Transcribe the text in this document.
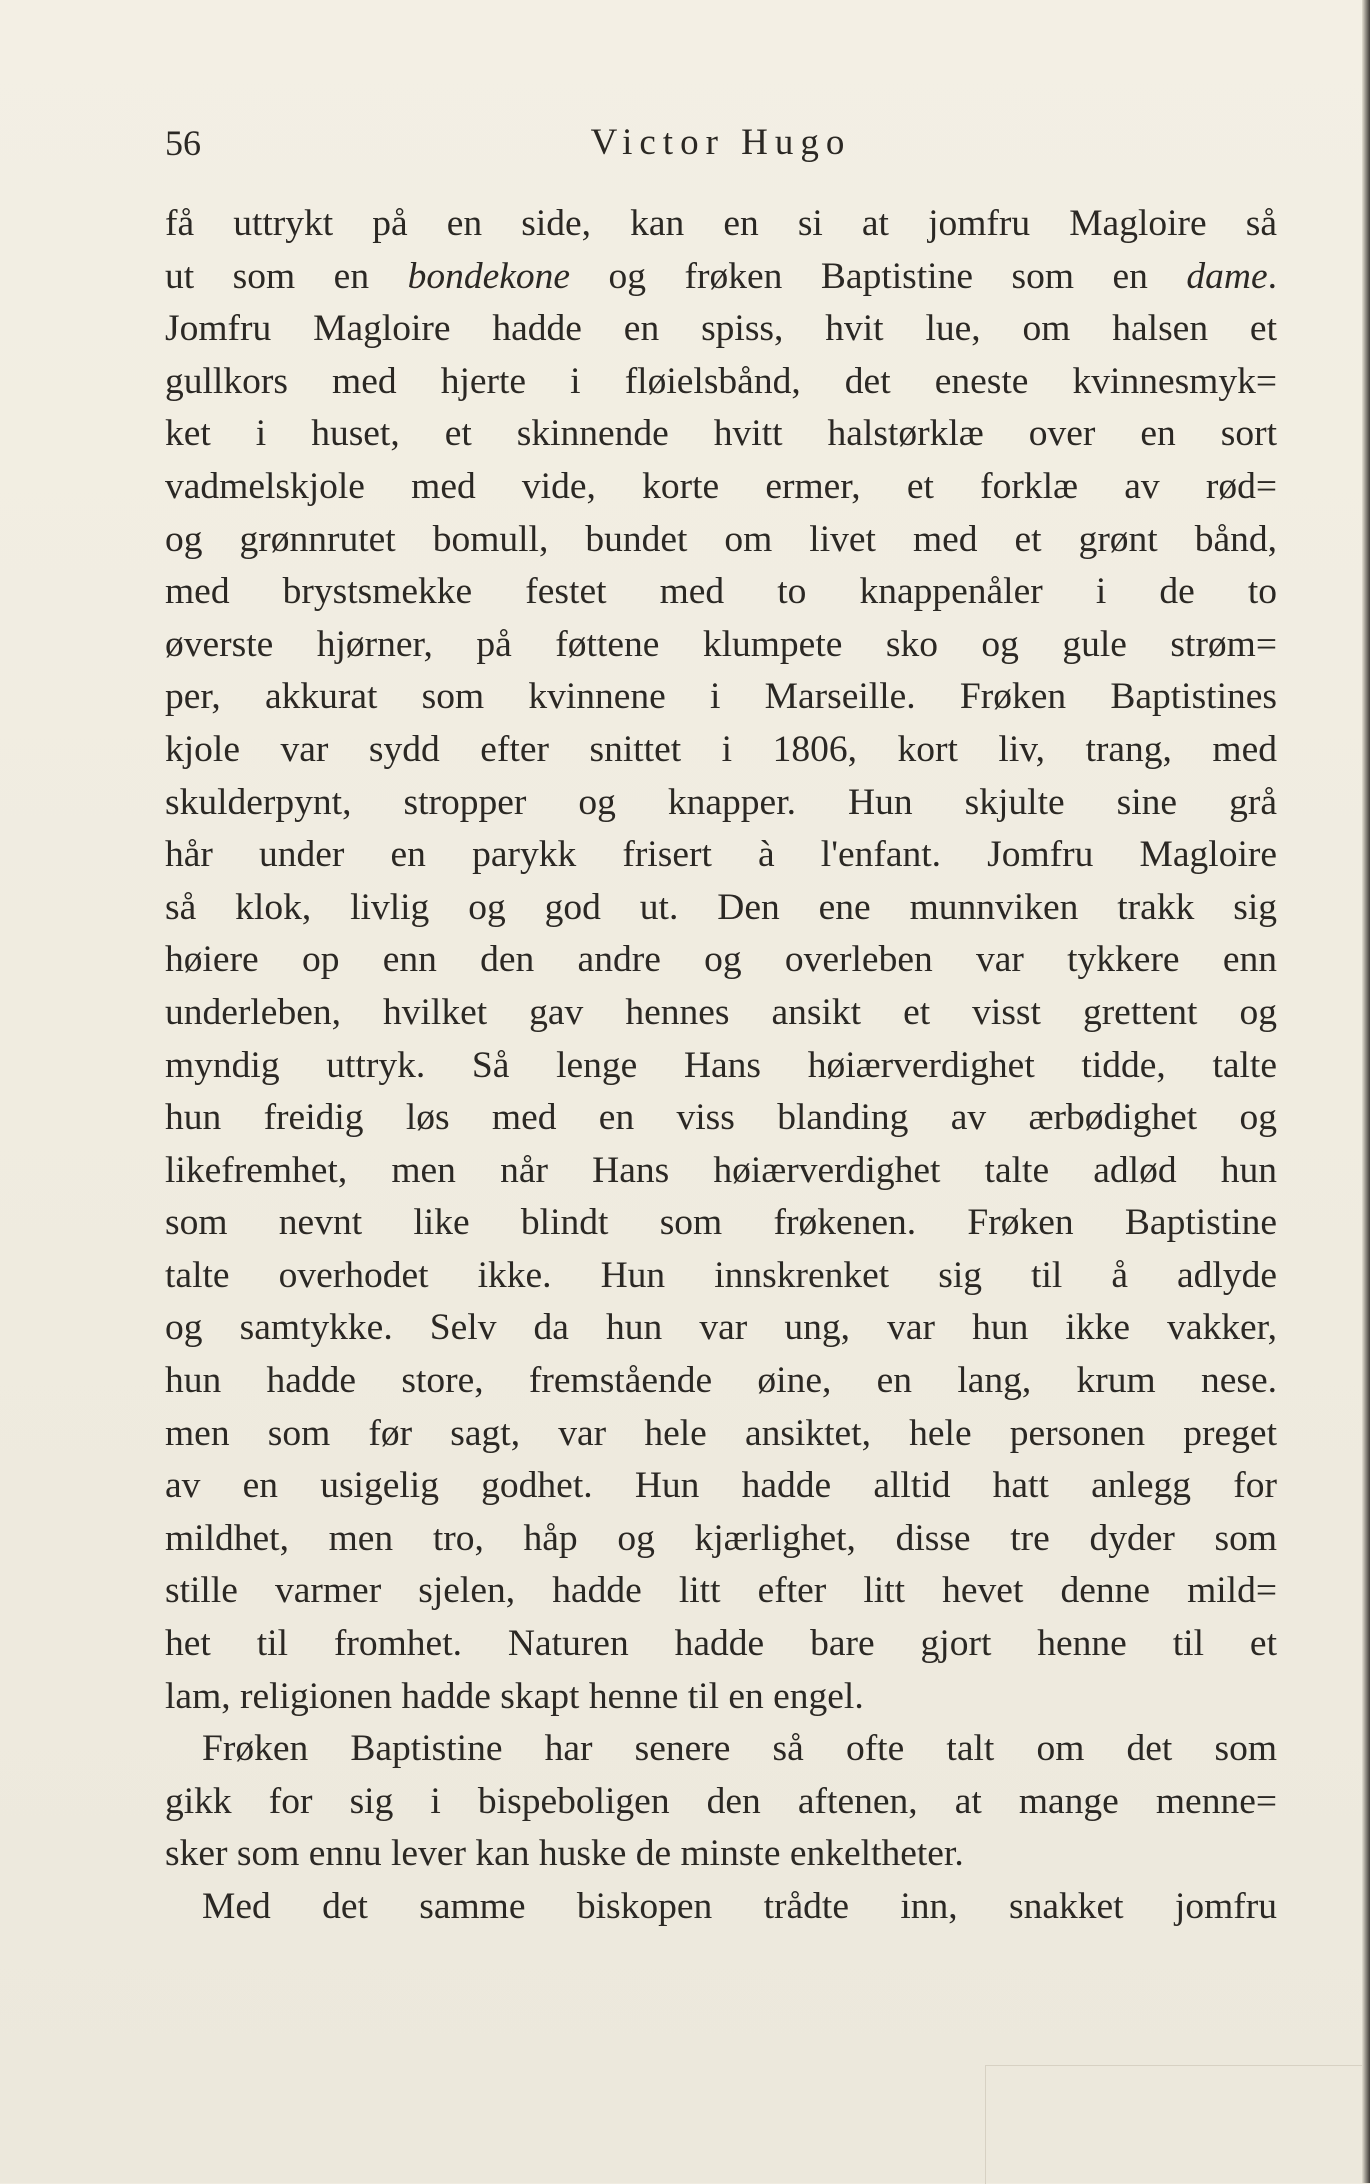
56	Victor Hugo
få uttrykt på en side, kan en si at jomfru Magloire så
ut som en bondekone og frøken Baptistine som en dame.
Jomfru Magloire hadde en spiss, hvit lue, om halsen et
gullkors med hjerte i fløielsbånd, det eneste kvinnesmyk=
ket i huset, et skinnende hvitt halstørklæ over en sort
vadmelskjole med vide, korte ermer, et forklæ av rød=
og grønnrutet bomull, bundet om livet med et grønt bånd,
med brystsmekke festet med to knappenåler i de to
øverste hjørner, på føttene klumpete sko og gule strøm=
per, akkurat som kvinnene i Marseille. Frøken Baptistines
kjole var sydd efter snittet i 1806, kort liv, trang, med
skulderpynt, stropper og knapper. Hun skjulte sine grå
hår under en parykk frisert à l'enfant. Jomfru Magloire
så klok, livlig og god ut. Den ene munnviken trakk sig
høiere op enn den andre og overleben var tykkere enn
underleben, hvilket gav hennes ansikt et visst grettent og
myndig uttryk. Så lenge Hans høiærverdighet tidde, talte
hun freidig løs med en viss blanding av ærbødighet og
likefremhet, men når Hans høiærverdighet talte adlød hun
som nevnt like blindt som frøkenen. Frøken Baptistine
talte overhodet ikke. Hun innskrenket sig til å adlyde
og samtykke. Selv da hun var ung, var hun ikke vakker,
hun hadde store, fremstående øine, en lang, krum nese.
men som før sagt, var hele ansiktet, hele personen preget
av en usigelig godhet. Hun hadde alltid hatt anlegg for
mildhet, men tro, håp og kjærlighet, disse tre dyder som
stille varmer sjelen, hadde litt efter litt hevet denne mild=
het til fromhet. Naturen hadde bare gjort henne til et
lam, religionen hadde skapt henne til en engel.
Frøken Baptistine har senere så ofte talt om det som
gikk for sig i bispeboligen den aftenen, at mange menne=
sker som ennu lever kan huske de minste enkeltheter.
Med det samme biskopen trådte inn, snakket jomfru
